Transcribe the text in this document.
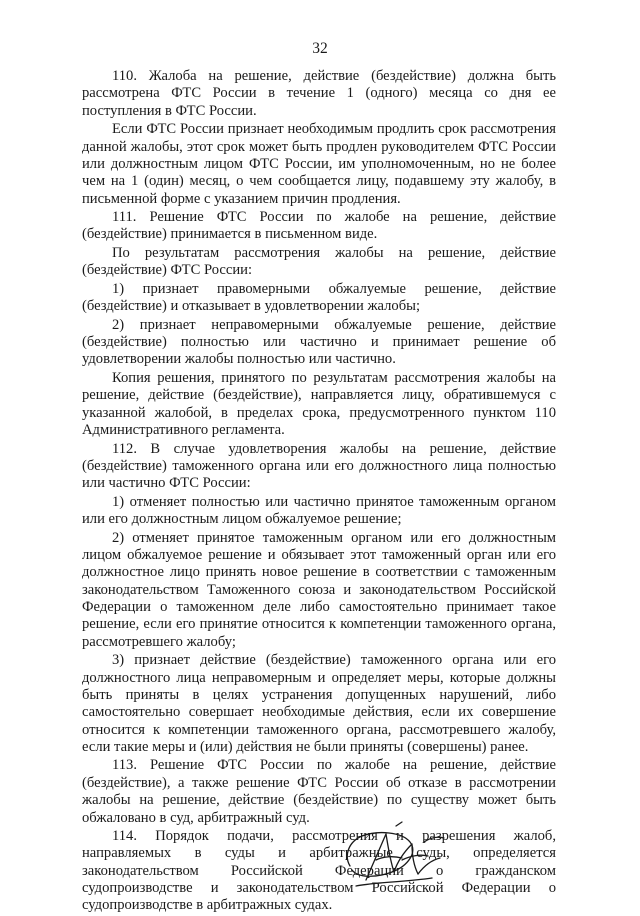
32

110. Жалоба на решение, действие (бездействие) должна быть рассмотрена ФТС России в течение 1 (одного) месяца со дня ее поступления в ФТС России.

Если ФТС России признает необходимым продлить срок рассмотрения данной жалобы, этот срок может быть продлен руководителем ФТС России или должностным лицом ФТС России, им уполномоченным, но не более чем на 1 (один) месяц, о чем сообщается лицу, подавшему эту жалобу, в письменной форме с указанием причин продления.

111. Решение ФТС России по жалобе на решение, действие (бездействие) принимается в письменном виде.

По результатам рассмотрения жалобы на решение, действие (бездействие) ФТС России:

1) признает правомерными обжалуемые решение, действие (бездействие) и отказывает в удовлетворении жалобы;

2) признает неправомерными обжалуемые решение, действие (бездействие) полностью или частично и принимает решение об удовлетворении жалобы полностью или частично.

Копия решения, принятого по результатам рассмотрения жалобы на решение, действие (бездействие), направляется лицу, обратившемуся с указанной жалобой, в пределах срока, предусмотренного пунктом 110 Административного регламента.

112. В случае удовлетворения жалобы на решение, действие (бездействие) таможенного органа или его должностного лица полностью или частично ФТС России:

1) отменяет полностью или частично принятое таможенным органом или его должностным лицом обжалуемое решение;

2) отменяет принятое таможенным органом или его должностным лицом обжалуемое решение и обязывает этот таможенный орган или его должностное лицо принять новое решение в соответствии с таможенным законодательством Таможенного союза и законодательством Российской Федерации о таможенном деле либо самостоятельно принимает такое решение, если его принятие относится к компетенции таможенного органа, рассмотревшего жалобу;

3) признает действие (бездействие) таможенного органа или его должностного лица неправомерным и определяет меры, которые должны быть приняты в целях устранения допущенных нарушений, либо самостоятельно совершает необходимые действия, если их совершение относится к компетенции таможенного органа, рассмотревшего жалобу, если такие меры и (или) действия не были приняты (совершены) ранее.

113. Решение ФТС России по жалобе на решение, действие (бездействие), а также решение ФТС России об отказе в рассмотрении жалобы на решение, действие (бездействие) по существу может быть обжаловано в суд, арбитражный суд.

114. Порядок подачи, рассмотрения и разрешения жалоб, направляемых в суды и арбитражные суды, определяется законодательством Российской Федерации о гражданском судопроизводстве и законодательством Российской Федерации о судопроизводстве в арбитражных судах.
